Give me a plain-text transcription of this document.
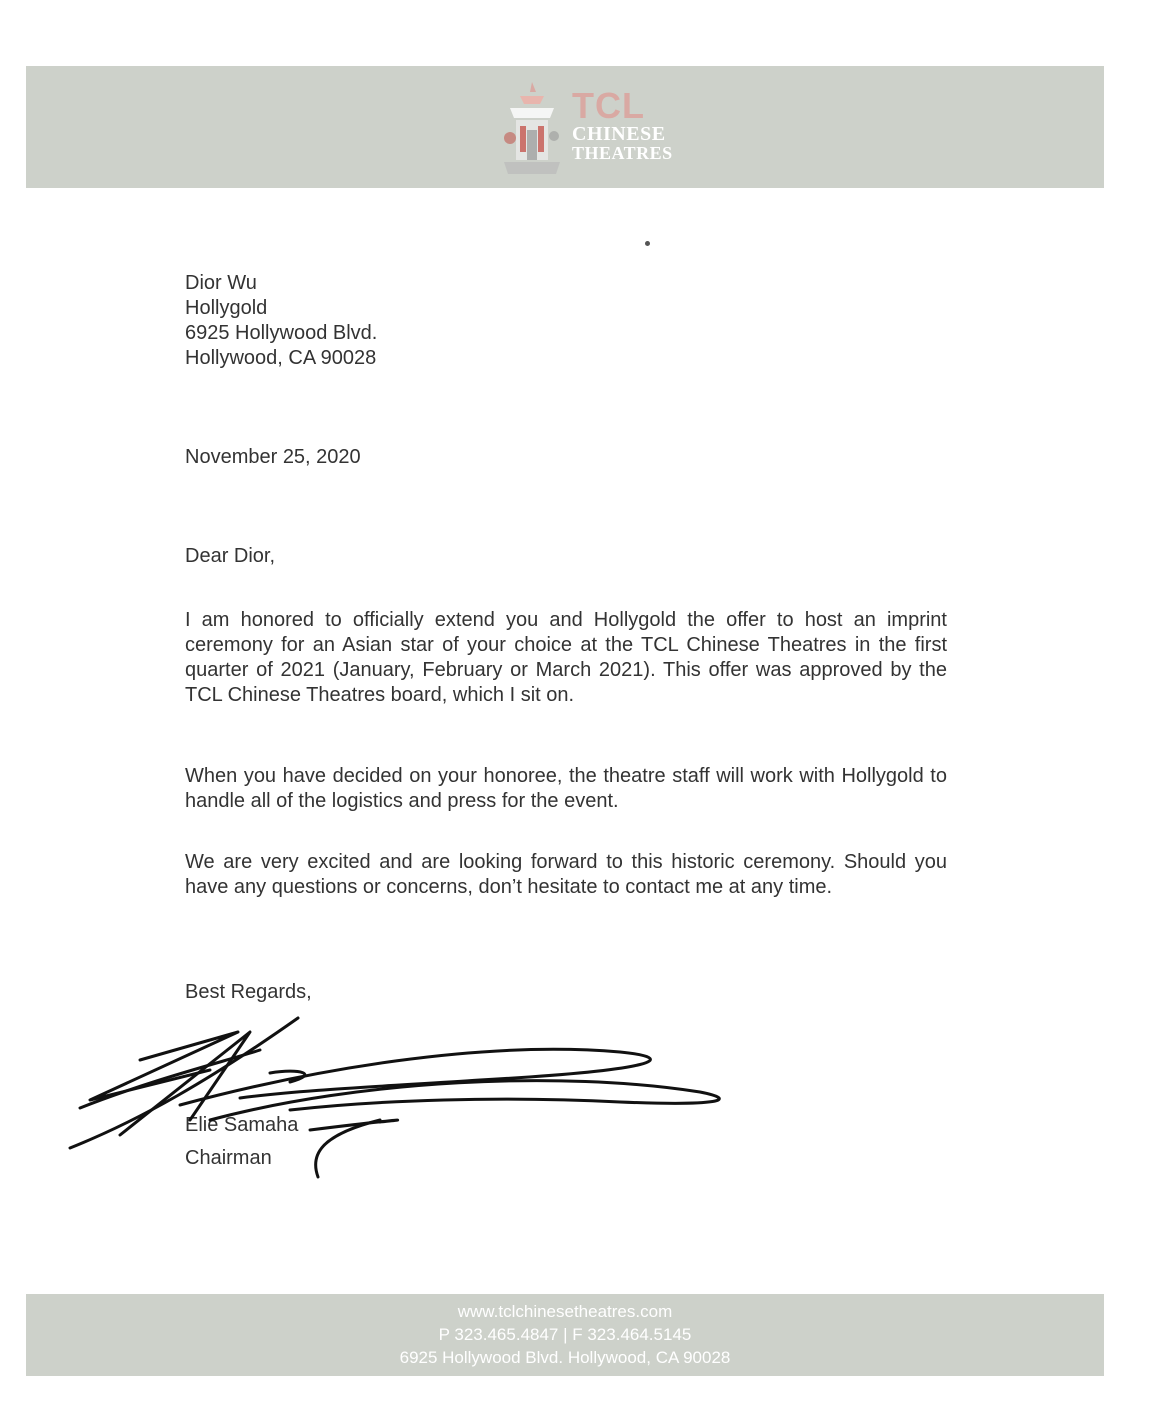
TCL
CHINESE
THEATRES
Dior Wu
Hollygold
6925 Hollywood Blvd.
Hollywood, CA 90028
November 25, 2020
Dear Dior,

I am honored to officially extend you and Hollygold the offer to host an imprint ceremony for an Asian star of your choice at the TCL Chinese Theatres in the first quarter of 2021 (January, February or March 2021). This offer was approved by the TCL Chinese Theatres board, which I sit on.

When you have decided on your honoree, the theatre staff will work with Hollygold to handle all of the logistics and press for the event.

We are very excited and are looking forward to this historic ceremony. Should you have any questions or concerns, don’t hesitate to contact me at any time.

Best Regards,
Elie Samaha
Chairman
www.tclchinesetheatres.com
P 323.465.4847 | F 323.464.5145
6925 Hollywood Blvd. Hollywood, CA 90028
